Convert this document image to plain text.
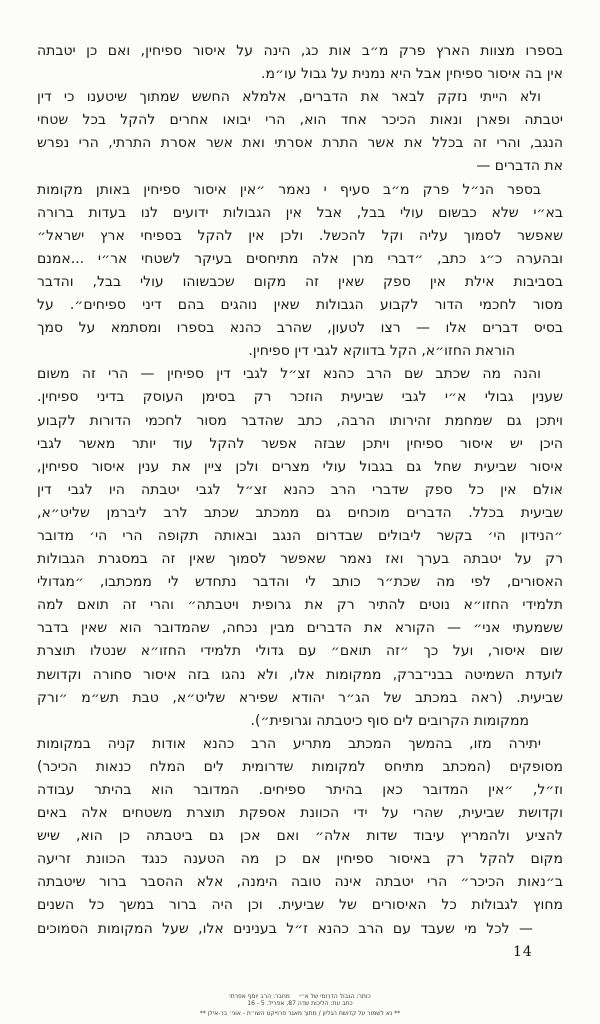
בספרו מצוות הארץ פרק מ״ב אות כג, הינה על איסור ספיחין, ואם כן יטבתה
אין בה איסור ספיחין אבל היא נמנית על גבול עו״מ.
ולא הייתי נזקק לבאר את הדברים, אלמלא החשש שמתוך שיטענו כי דין
יטבתה ופארן ונאות הכיכר אחד הוא, הרי יבואו אחרים להקל בכל שטחי
הנגב, והרי זה בכלל את אשר התרת אסרתי ואת אשר אסרת התרתי, הרי נפרש
את הדברים —
בספר הנ״ל פרק מ״ב סעיף י נאמר ״אין איסור ספיחין באותן מקומות
בא״י שלא כבשום עולי בבל, אבל אין הגבולות ידועים לנו בעדות ברורה
שאפשר לסמוך עליה וקל להכשל. ולכן אין להקל בספיחי ארץ ישראל״
ובהערה כ״ג כתב, ״דברי מרן אלה מתיחסים בעיקר לשטחי אר״י ...אמנם
בסביבות אילת אין ספק שאין זה מקום שכבשוהו עולי בבל, והדבר
מסור לחכמי הדור לקבוע הגבולות שאין נוהגים בהם דיני ספיחים״. על
בסיס דברים אלו — רצו לטעון, שהרב כהנא בספרו ומסתמא על סמך
הוראת החזו״א, הקל בדווקא לגבי דין ספיחין.
והנה מה שכתב שם הרב כהנא זצ״ל לגבי דין ספיחין — הרי זה משום
שענין גבולי א״י לגבי שביעית הוזכר רק בסימן העוסק בדיני ספיחין.
ויתכן גם שמחמת זהירותו הרבה, כתב שהדבר מסור לחכמי הדורות לקבוע
היכן יש איסור ספיחין ויתכן שבזה אפשר להקל עוד יותר מאשר לגבי
איסור שביעית שחל גם בגבול עולי מצרים ולכן ציין את ענין איסור ספיחין,
אולם אין כל ספק שדברי הרב כהנא זצ״ל לגבי יטבתה היו לגבי דין
שביעית בכלל. הדברים מוכחים גם ממכתב שכתב לרב ליברמן שליט״א,
״הנידון הי׳ בקשר ליבולים שבדרום הנגב ובאותה תקופה הרי הי׳ מדובר
רק על יטבתה בערך ואז נאמר שאפשר לסמוך שאין זה במסגרת הגבולות
האסורים, לפי מה שכת״ר כותב לי והדבר נתחדש לי ממכתבו, ״מגדולי
תלמידי החזו״א נוטים להתיר רק את גרופית ויטבתה״ והרי זה תואם למה
ששמעתי אני״ — הקורא את הדברים מבין נכחה, שהמדובר הוא שאין בדבר
שום איסור, ועל כך ״זה תואם״ עם גדולי תלמידי החזו״א שנטלו תוצרת
לועדת השמיטה בבני־ברק, ממקומות אלו, ולא נהגו בזה איסור סחורה וקדושת
שביעית. (ראה במכתב של הג״ר יהודא שפירא שליט״א, טבת תש״מ ״ורק
ממקומות הקרובים לים סוף כיטבתה וגרופית״).
יתירה מזו, בהמשך המכתב מתריע הרב כהנא אודות קניה במקומות
מסופקים (המכתב מתיחס למקומות שדרומית לים המלח כנאות הכיכר)
וז״ל, ״אין המדובר כאן בהיתר ספיחים. המדובר הוא בהיתר עבודה
וקדושת שביעית, שהרי על ידי הכוונת אספקת תוצרת משטחים אלה באים
להציע ולהמריץ עיבוד שדות אלה״ ואם אכן גם ביטבתה כן הוא, שיש
מקום להקל רק באיסור ספיחין אם כן מה הטענה כנגד הכוונת זריעה
ב״נאות הכיכר״ הרי יטבתה אינה טובה הימנה, אלא ההסבר ברור שיטבתה
מחוץ לגבולות כל האיסורים של שביעית. וכן היה ברור במשך כל השנים
— לכל מי שעבד עם הרב כהנא ז״ל בענינים אלו, שעל המקומות הסמוכים
14
כותר: הגבול הדרומי של א״י     מחבר: הרב יוסף אפרתי
כתב עת: הליכות שדה 87, אפריל. 5 - 16
** נא לשמור על קדושת הגליון / מתוך מאגר פרוייקט השו״ת - אוני׳ בר-אילן **
